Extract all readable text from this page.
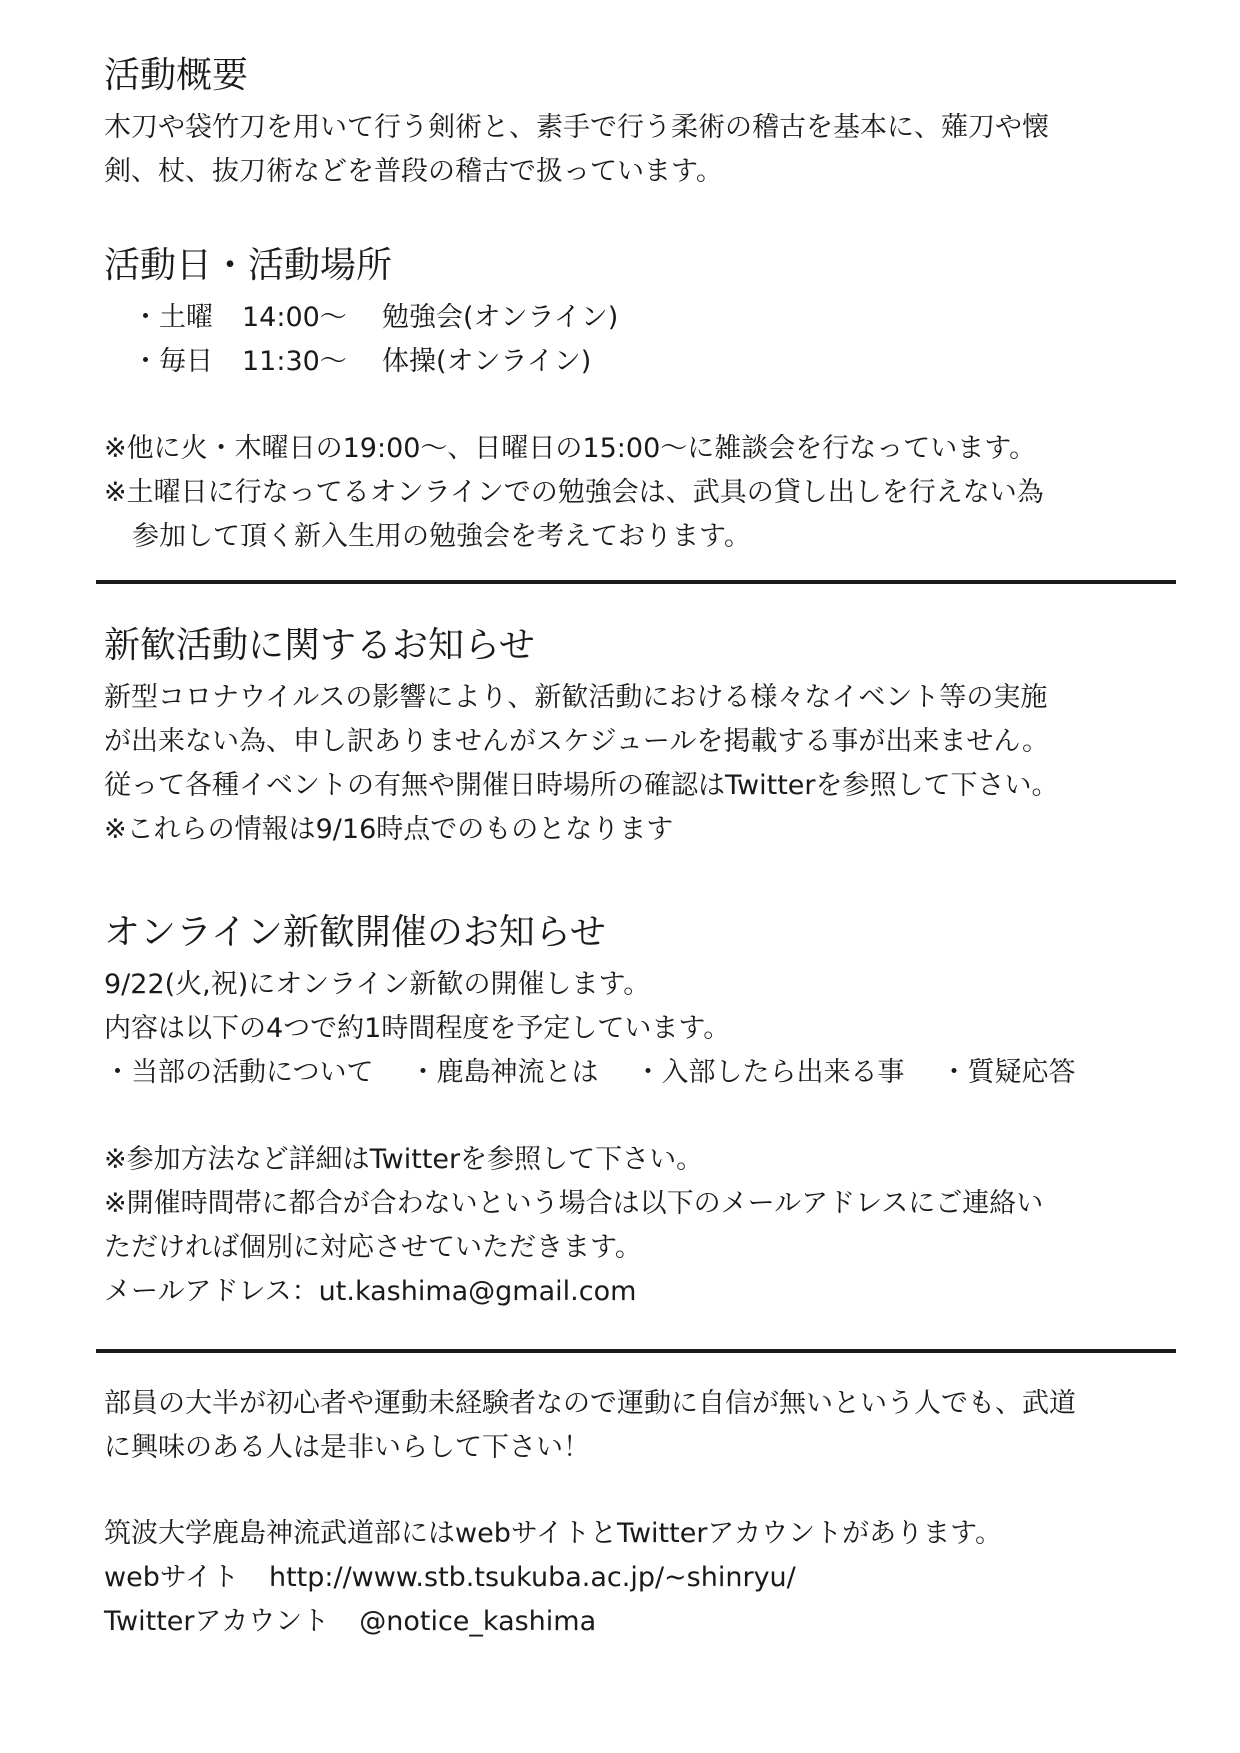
活動概要
木刀や袋竹刀を用いて行う剣術と、素手で行う柔術の稽古を基本に、薙刀や懐
剣、杖、抜刀術などを普段の稽古で扱っています。
活動日・活動場所
・土曜 14:00〜 勉強会(オンライン)
・毎日 11:30〜 体操(オンライン)
※他に火・木曜日の19:00〜、日曜日の15:00〜に雑談会を行なっています。
※土曜日に行なってるオンラインでの勉強会は、武具の貸し出しを行えない為
参加して頂く新入生用の勉強会を考えております。
新歓活動に関するお知らせ
新型コロナウイルスの影響により、新歓活動における様々なイベント等の実施
が出来ない為、申し訳ありませんがスケジュールを掲載する事が出来ません。
従って各種イベントの有無や開催日時場所の確認はTwitterを参照して下さい。
※これらの情報は9/16時点でのものとなります
オンライン新歓開催のお知らせ
9/22(火,祝)にオンライン新歓の開催します。
内容は以下の4つで約1時間程度を予定しています。
・当部の活動について ・鹿島神流とは ・入部したら出来る事 ・質疑応答
※参加方法など詳細はTwitterを参照して下さい。
※開催時間帯に都合が合わないという場合は以下のメールアドレスにご連絡い
ただければ個別に対応させていただきます。
メールアドレス：ut.kashima@gmail.com
部員の大半が初心者や運動未経験者なので運動に自信が無いという人でも、武道
に興味のある人は是非いらして下さい！
筑波大学鹿島神流武道部にはwebサイトとTwitterアカウントがあります。
webサイト http://www.stb.tsukuba.ac.jp/~shinryu/
Twitterアカウント @notice_kashima
